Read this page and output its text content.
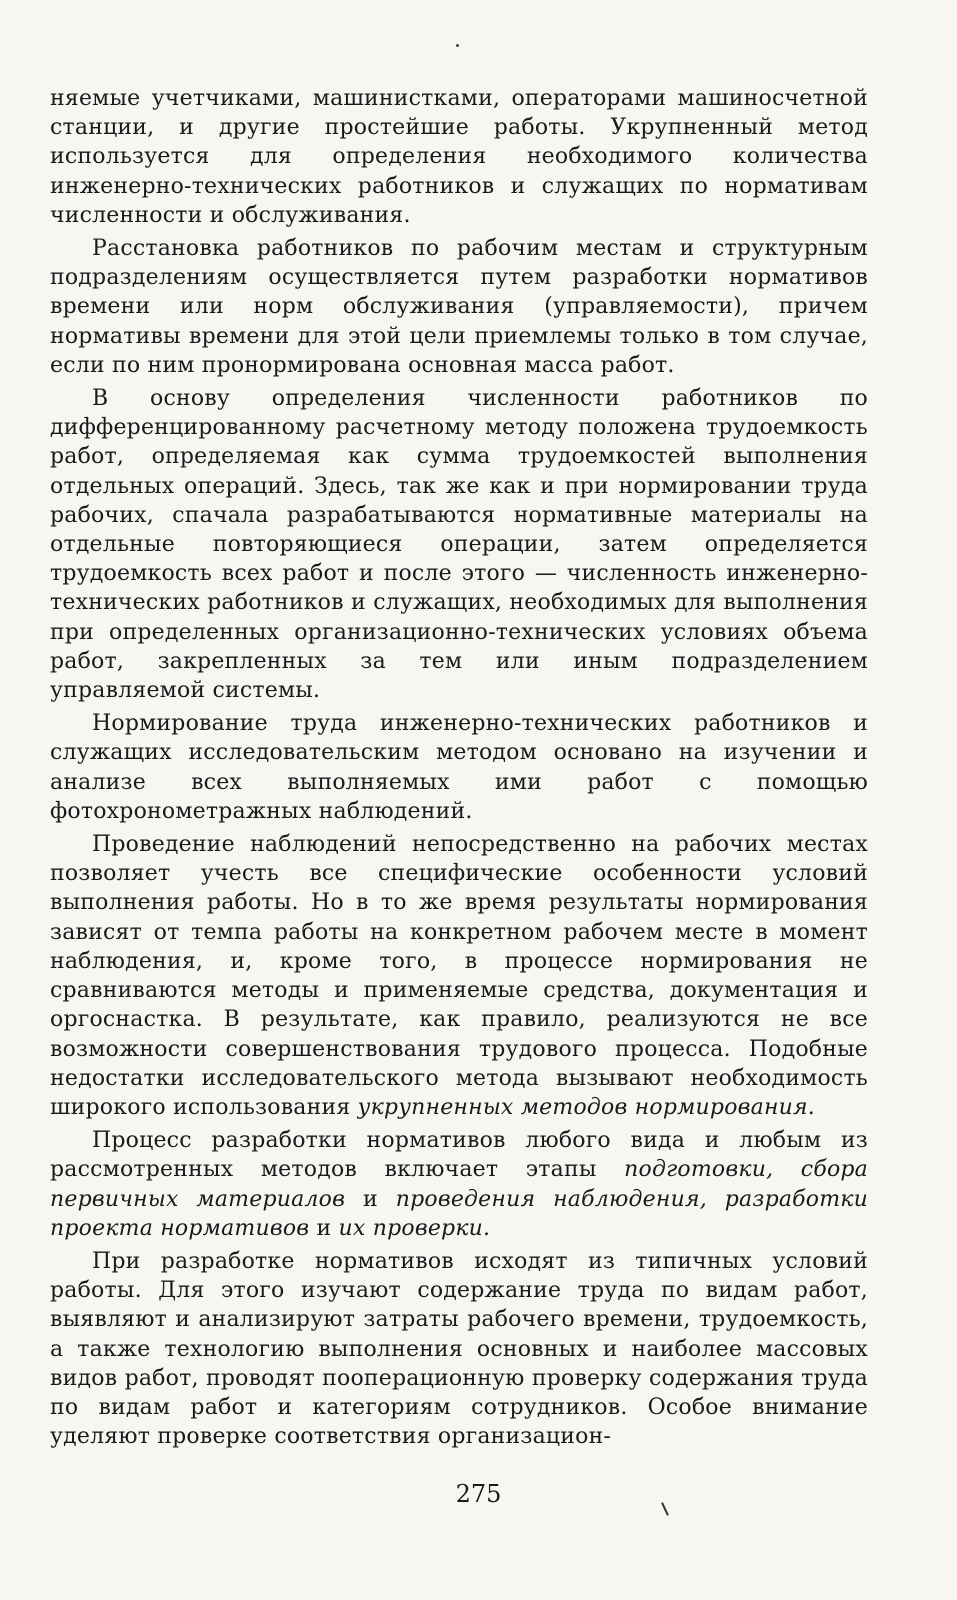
няемые учетчиками, машинистками, операторами машиносчетной станции, и другие простейшие работы. Укрупненный метод используется для определения необходимого количества инженерно-технических работников и служащих по нормативам численности и обслуживания.

Расстановка работников по рабочим местам и структурным подразделениям осуществляется путем разработки нормативов времени или норм обслуживания (управляемости), причем нормативы времени для этой цели приемлемы только в том случае, если по ним пронормирована основная масса работ.

В основу определения численности работников по дифференцированному расчетному методу положена трудоемкость работ, определяемая как сумма трудоемкостей выполнения отдельных операций. Здесь, так же как и при нормировании труда рабочих, спачала разрабатываются нормативные материалы на отдельные повторяющиеся операции, затем определяется трудоемкость всех работ и после этого — численность инженерно-технических работников и служащих, необходимых для выполнения при определенных организационно-технических условиях объема работ, закрепленных за тем или иным подразделением управляемой системы.

Нормирование труда инженерно-технических работников и служащих исследовательским методом основано на изучении и анализе всех выполняемых ими работ с помощью фотохронометражных наблюдений.

Проведение наблюдений непосредственно на рабочих местах позволяет учесть все специфические особенности условий выполнения работы. Но в то же время результаты нормирования зависят от темпа работы на конкретном рабочем месте в момент наблюдения, и, кроме того, в процессе нормирования не сравниваются методы и применяемые средства, документация и оргоснастка. В результате, как правило, реализуются не все возможности совершенствования трудового процесса. Подобные недостатки исследовательского метода вызывают необходимость широкого использования укрупненных методов нормирования.

Процесс разработки нормативов любого вида и любым из рассмотренных методов включает этапы подготовки, сбора первичных материалов и проведения наблюдения, разработки проекта нормативов и их проверки.

При разработке нормативов исходят из типичных условий работы. Для этого изучают содержание труда по видам работ, выявляют и анализируют затраты рабочего времени, трудоемкость, а также технологию выполнения основных и наиболее массовых видов работ, проводят пооперационную проверку содержания труда по видам работ и категориям сотрудников. Особое внимание уделяют проверке соответствия организацион-

275
